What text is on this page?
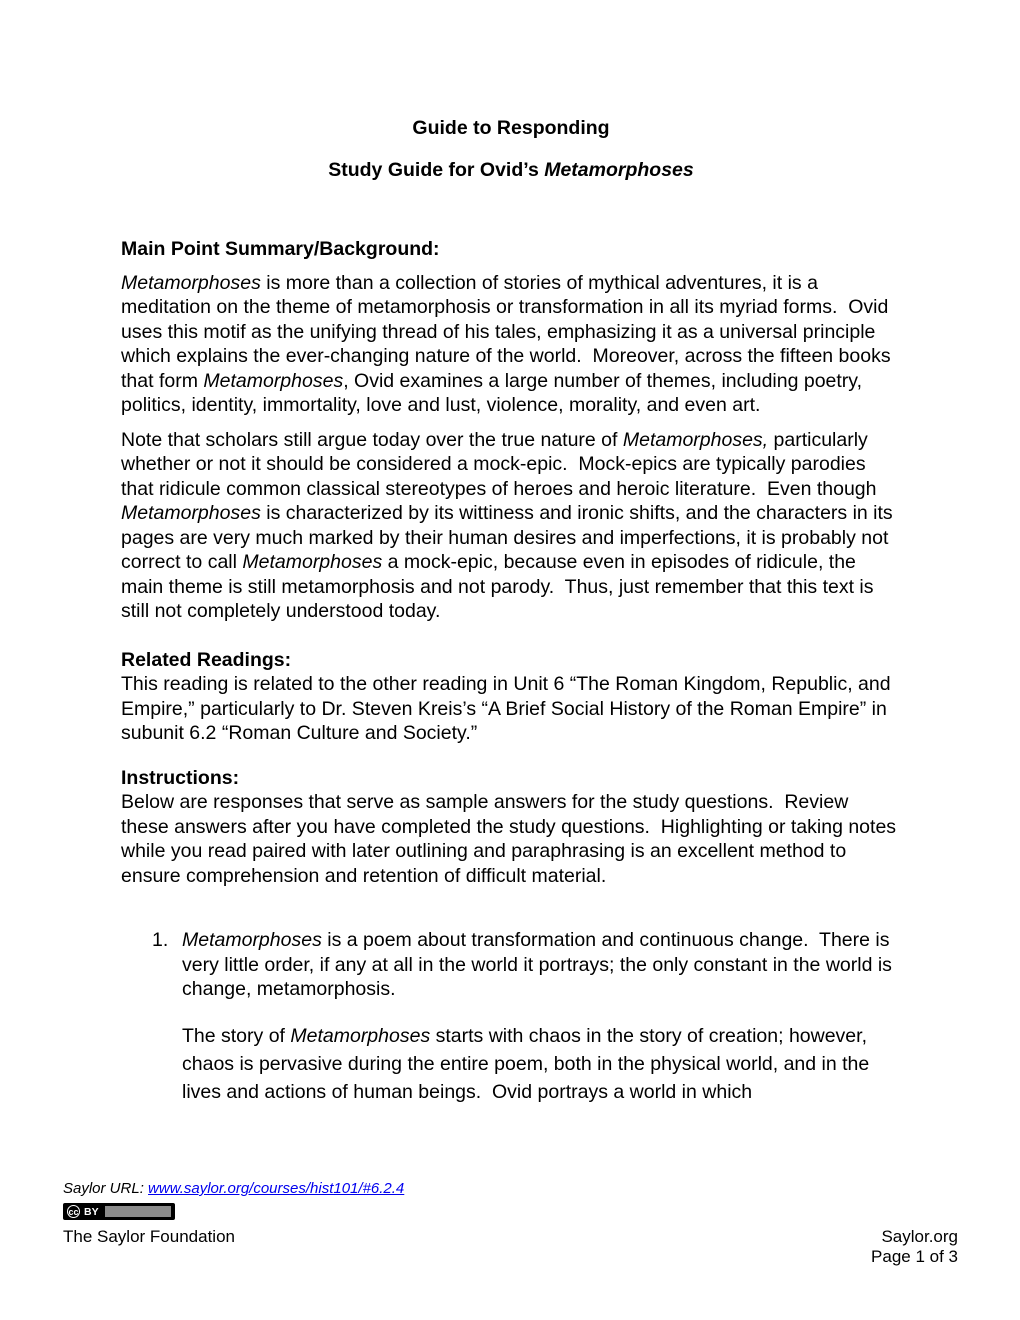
Guide to Responding
Study Guide for Ovid’s Metamorphoses
Main Point Summary/Background:

Metamorphoses is more than a collection of stories of mythical adventures, it is a meditation on the theme of metamorphosis or transformation in all its myriad forms.  Ovid uses this motif as the unifying thread of his tales, emphasizing it as a universal principle which explains the ever-changing nature of the world.  Moreover, across the fifteen books that form Metamorphoses, Ovid examines a large number of themes, including poetry, politics, identity, immortality, love and lust, violence, morality, and even art.

Note that scholars still argue today over the true nature of Metamorphoses, particularly whether or not it should be considered a mock-epic.  Mock-epics are typically parodies that ridicule common classical stereotypes of heroes and heroic literature.  Even though Metamorphoses is characterized by its wittiness and ironic shifts, and the characters in its pages are very much marked by their human desires and imperfections, it is probably not correct to call Metamorphoses a mock-epic, because even in episodes of ridicule, the main theme is still metamorphosis and not parody.  Thus, just remember that this text is still not completely understood today.

Related Readings:

This reading is related to the other reading in Unit 6 “The Roman Kingdom, Republic, and Empire,” particularly to Dr. Steven Kreis’s “A Brief Social History of the Roman Empire” in subunit 6.2 “Roman Culture and Society.”

Instructions:

Below are responses that serve as sample answers for the study questions.  Review these answers after you have completed the study questions.  Highlighting or taking notes while you read paired with later outlining and paraphrasing is an excellent method to ensure comprehension and retention of difficult material.

1. Metamorphoses is a poem about transformation and continuous change.  There is very little order, if any at all in the world it portrays; the only constant in the world is change, metamorphosis.

The story of Metamorphoses starts with chaos in the story of creation; however, chaos is pervasive during the entire poem, both in the physical world, and in the lives and actions of human beings.  Ovid portrays a world in which

Saylor URL: www.saylor.org/courses/hist101/#6.2.4
cc BY
The Saylor Foundation	Saylor.org
Page 1 of 3
